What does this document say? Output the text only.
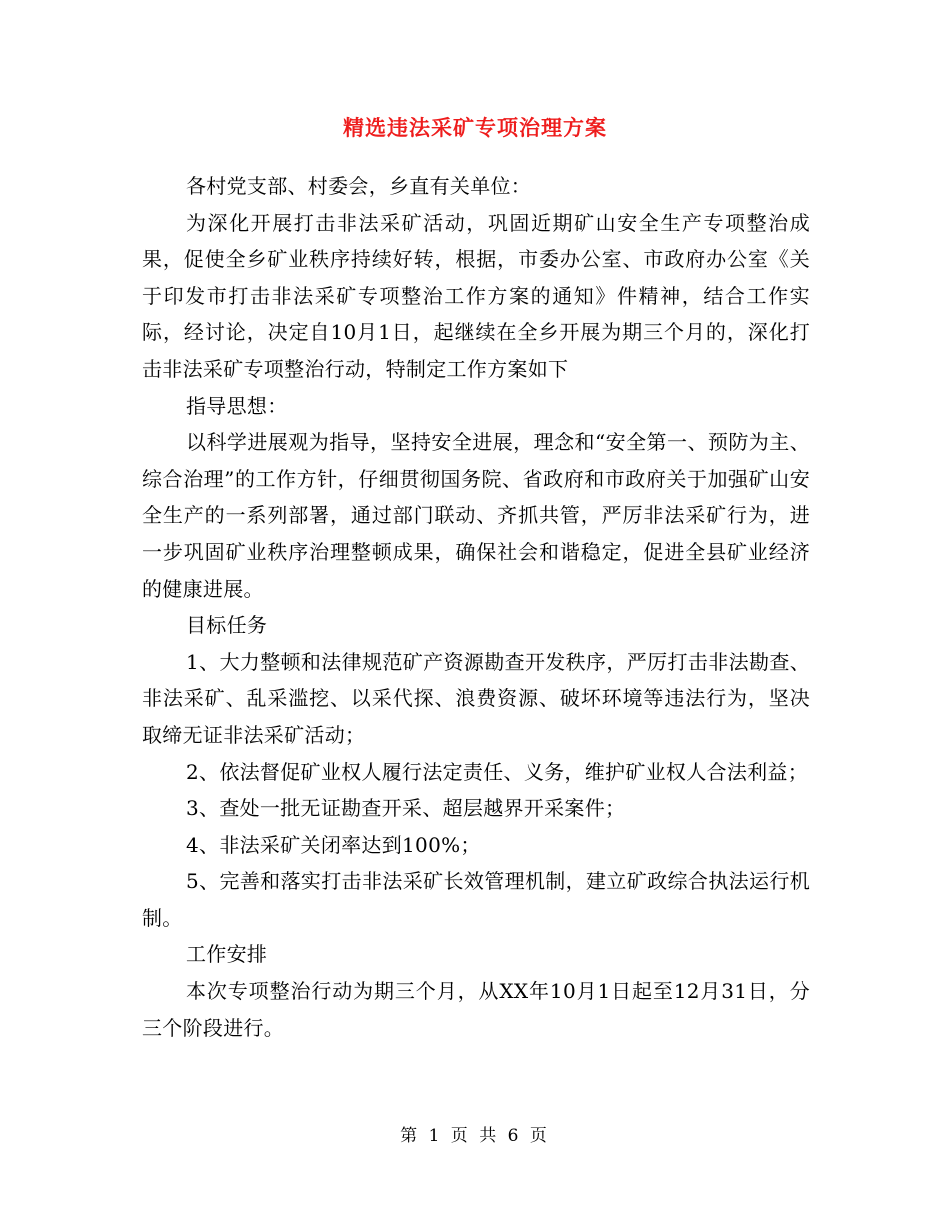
精选违法采矿专项治理方案

各村党支部、村委会，乡直有关单位：

为深化开展打击非法采矿活动，巩固近期矿山安全生产专项整治成果，促使全乡矿业秩序持续好转，根据，市委办公室、市政府办公室《关于印发市打击非法采矿专项整治工作方案的通知》件精神，结合工作实际，经讨论，决定自10月1日，起继续在全乡开展为期三个月的，深化打击非法采矿专项整治行动，特制定工作方案如下

指导思想：

以科学进展观为指导，坚持安全进展，理念和“安全第一、预防为主、综合治理”的工作方针，仔细贯彻国务院、省政府和市政府关于加强矿山安全生产的一系列部署，通过部门联动、齐抓共管，严厉非法采矿行为，进一步巩固矿业秩序治理整顿成果，确保社会和谐稳定，促进全县矿业经济的健康进展。

目标任务

1、大力整顿和法律规范矿产资源勘查开发秩序，严厉打击非法勘查、非法采矿、乱采滥挖、以采代探、浪费资源、破坏环境等违法行为，坚决取缔无证非法采矿活动；

2、依法督促矿业权人履行法定责任、义务，维护矿业权人合法利益；

3、查处一批无证勘查开采、超层越界开采案件；

4、非法采矿关闭率达到100%；

5、完善和落实打击非法采矿长效管理机制，建立矿政综合执法运行机制。

工作安排

本次专项整治行动为期三个月，从XX年10月1日起至12月31日，分三个阶段进行。

第 1 页 共 6 页
